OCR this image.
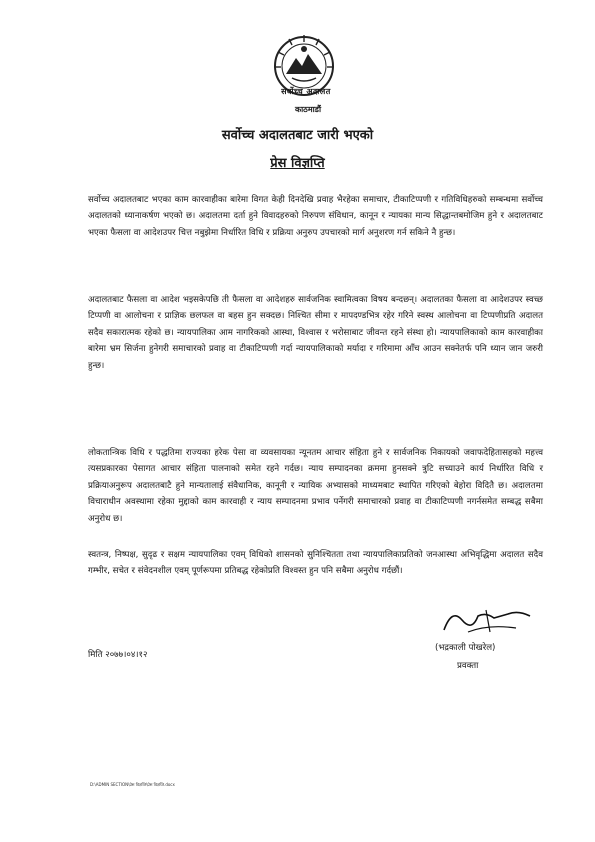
सर्वोच्च अदालत
काठमाडौं
सर्वोच्च अदालतबाट जारी भएको
प्रेस विज्ञप्ति

सर्वोच्च अदालतबाट भएका काम कारवाहीका बारेमा विगत केही दिनदेखि प्रवाह भैरहेका समाचार, टीकाटिप्पणी र गतिविधिहरुको सम्बन्धमा सर्वोच्च अदालतको ध्यानाकर्षण भएको छ। अदालतमा दर्ता हुने विवादहरुको निरुपण संविधान, कानून र न्यायका मान्य सिद्धान्तबमोजिम हुने र अदालतबाट भएका फैसला वा आदेशउपर चित्त नबुझेमा निर्धारित विधि र प्रक्रिया अनुरुप उपचारको मार्ग अनुशरण गर्न सकिने नै हुन्छ।

अदालतबाट फैसला वा आदेश भइसकेपछि ती फैसला वा आदेशहरु सार्वजनिक स्वामित्वका विषय बन्दछन्। अदालतका फैसला वा आदेशउपर स्वच्छ टिप्पणी वा आलोचना र प्राज्ञिक छलफल वा बहस हुन सक्दछ। निश्चित सीमा र मापदण्डभित्र रहेर गरिने स्वस्थ आलोचना वा टिप्पणीप्रति अदालत सदैव सकारात्मक रहेको छ। न्यायपालिका आम नागरिकको आस्था, विश्वास र भरोसाबाट जीवन्त रहने संस्था हो। न्यायपालिकाको काम कारवाहीका बारेमा भ्रम सिर्जना हुनेगरी समाचारको प्रवाह वा टीकाटिप्पणी गर्दा न्यायपालिकाको मर्यादा र गरिमामा आँच आउन सक्नेतर्फ पनि ध्यान जान जरुरी हुन्छ।

लोकतान्त्रिक विधि र पद्धतिमा राज्यका हरेक पेसा वा व्यवसायका न्यूनतम आचार संहिता हुने र सार्वजनिक निकायको जवाफदेहितासहको महत्त्व त्यसप्रकारका पेसागत आचार संहिता पालनाको समेत रहने गर्दछ। न्याय सम्पादनका क्रममा हुनसक्ने त्रुटि सच्याउने कार्य निर्धारित विधि र प्रक्रियाअनुरूप अदालतबाटै हुने मान्यतालाई संवैधानिक, कानूनी र न्यायिक अभ्यासको माध्यमबाट स्थापित गरिएको बेहोरा विदितै छ। अदालतमा विचाराधीन अवस्थामा रहेका मुद्दाको काम कारवाही र न्याय सम्पादनमा प्रभाव पर्नेगरी समाचारको प्रवाह वा टीकाटिप्पणी नगर्नसमेत सम्बद्ध सबैमा अनुरोध छ।

स्वतन्त्र, निष्पक्ष, सुदृढ र सक्षम न्यायपालिका एवम् विधिको शासनको सुनिश्चितता तथा न्यायपालिकाप्रतिको जनआस्था अभिवृद्धिमा अदालत सदैव गम्भीर, सचेत र संवेदनशील एवम् पूर्णरूपमा प्रतिबद्ध रहेकोप्रति विश्वस्त हुन पनि सबैमा अनुरोध गर्दछौं।

(भद्रकाली पोखरेल)
प्रवक्ता
मिति २०७७।०४।१२
D:\ADMIN SECTION\प्रेस विज्ञप्ति\प्रेस विज्ञप्ति.docx
